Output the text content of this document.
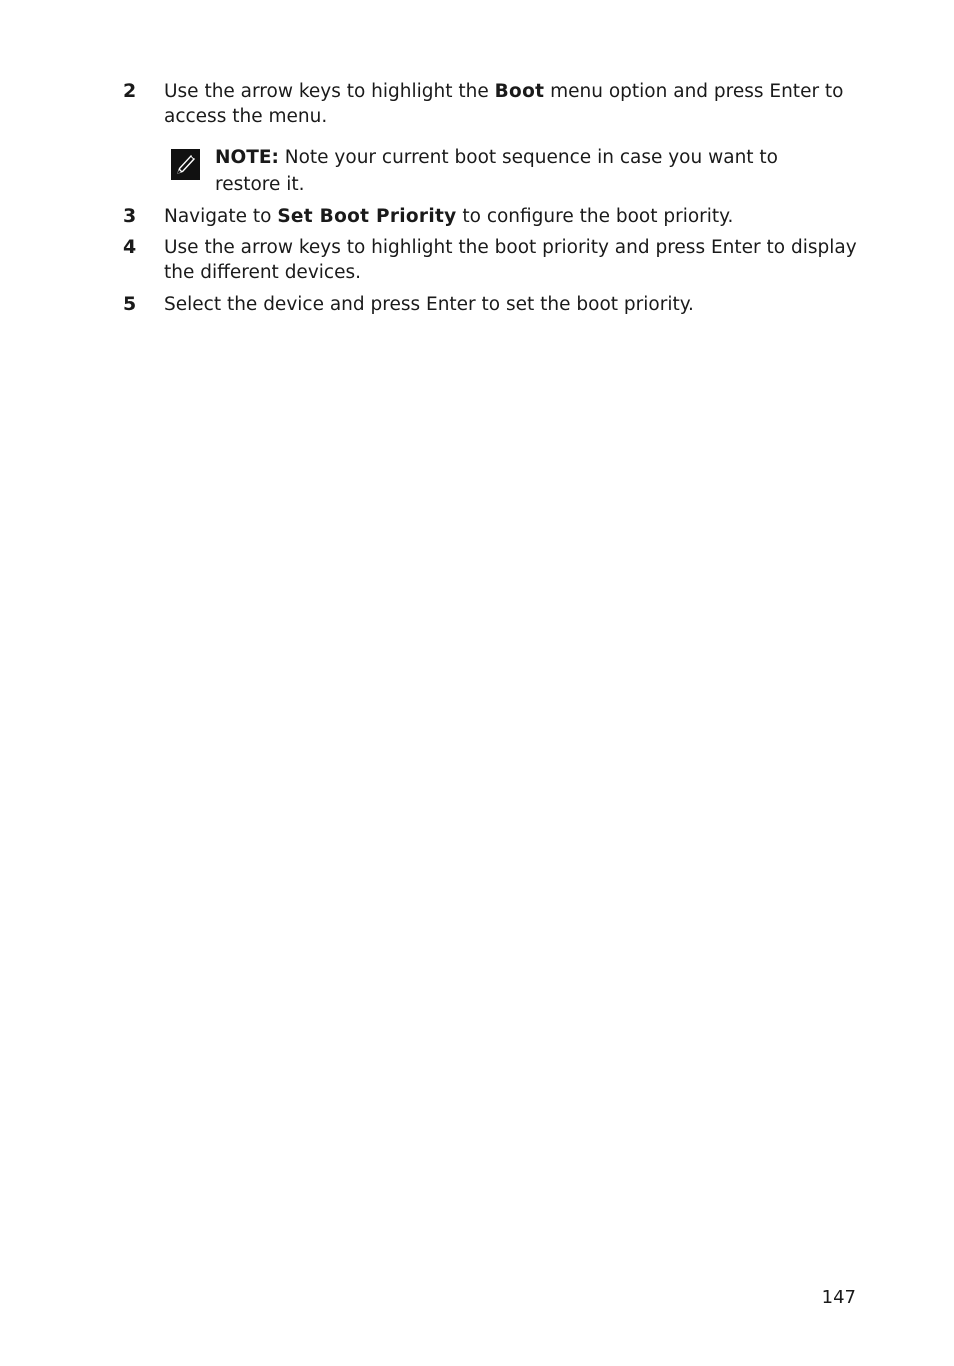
2 Use the arrow keys to highlight the Boot menu option and press Enter to access the menu.
NOTE: Note your current boot sequence in case you want to restore it.
3 Navigate to Set Boot Priority to configure the boot priority.
4 Use the arrow keys to highlight the boot priority and press Enter to display the different devices.
5 Select the device and press Enter to set the boot priority.
147
